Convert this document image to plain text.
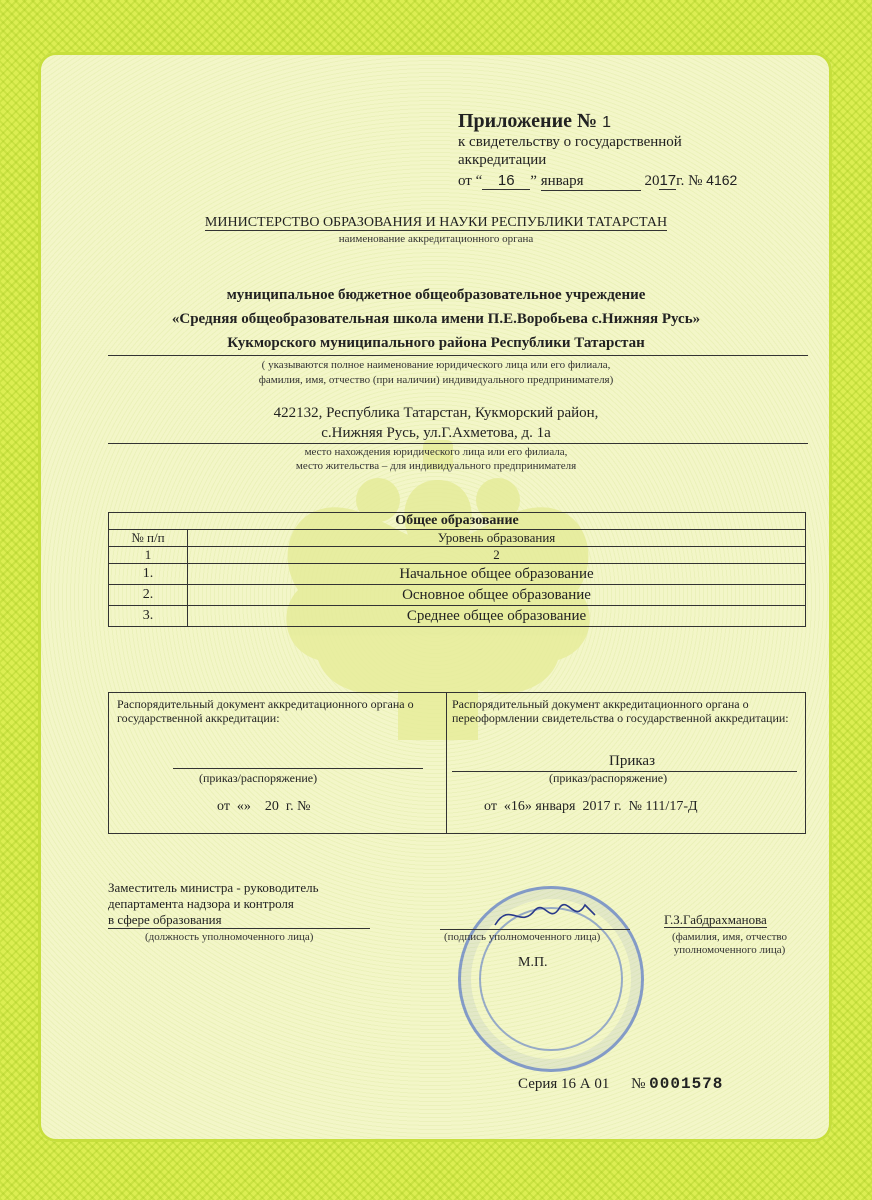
Приложение № 1
к свидетельству о государственной
аккредитации
от “ 16 ” января	2017г. № 4162
МИНИСТЕРСТВО ОБРАЗОВАНИЯ И НАУКИ РЕСПУБЛИКИ ТАТАРСТАН
наименование аккредитационного органа
муниципальное бюджетное общеобразовательное учреждение
«Средняя общеобразовательная школа имени П.Е.Воробьева с.Нижняя Русь»
Кукморского муниципального района Республики Татарстан
( указываются полное наименование юридического лица или его филиала,
фамилия, имя, отчество (при наличии) индивидуального предпринимателя)
422132, Республика Татарстан, Кукморский район,
с.Нижняя Русь, ул.Г.Ахметова, д. 1а
место нахождения юридического лица или его филиала,
место жительства – для индивидуального предпринимателя
Общее образование	
№ п/п	Уровень образования
1	2
1.	Начальное общее образование
2.	Основное общее образование
3.	Среднее общее образование
Распорядительный документ аккредитационного органа о государственной аккредитации:
(приказ/распоряжение)
от  «»    20  г. №
Распорядительный документ аккредитационного органа о переоформлении свидетельства о государственной аккредитации:
Приказ
(приказ/распоряжение)
от  «16» января  2017 г.  № 111/17-Д
Заместитель министра - руководитель
департамента надзора и контроля
в сфере образования
(должность уполномоченного лица)	(подпись уполномоченного лица)
М.П.
Г.З.Габдрахманова
(фамилия, имя, отчество
уполномоченного лица)
Серия 16 А 01 № 0001578
